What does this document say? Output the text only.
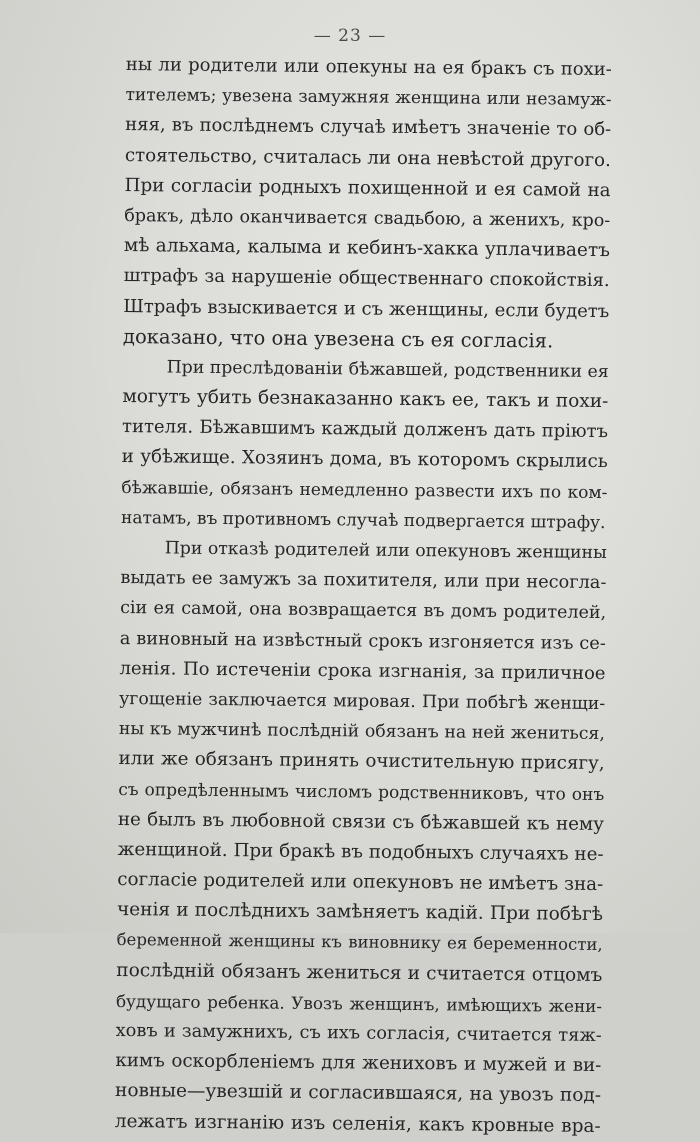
— 23 —
ны ли родители или опекуны на ея бракъ съ похи-
тителемъ; увезена замужняя женщина или незамуж-
няя, въ послѣднемъ случаѣ имѣетъ значеніе то об-
стоятельство, считалась ли она невѣстой другого.
При согласіи родныхъ похищенной и ея самой на
бракъ, дѣло оканчивается свадьбою, а женихъ, кро-
мѣ альхама, калыма и кебинъ-хакка уплачиваетъ
штрафъ за нарушеніе общественнаго спокойствія.
Штрафъ взыскивается и съ женщины, если будетъ
доказано, что она увезена съ ея согласія.
При преслѣдованіи бѣжавшей, родственники ея
могутъ убить безнаказанно какъ ее, такъ и похи-
тителя. Бѣжавшимъ каждый долженъ дать пріютъ
и убѣжище. Хозяинъ дома, въ которомъ скрылись
бѣжавшіе, обязанъ немедленно развести ихъ по ком-
натамъ, въ противномъ случаѣ подвергается штрафу.
При отказѣ родителей или опекуновъ женщины
выдать ее замужъ за похитителя, или при несогла-
сіи ея самой, она возвращается въ домъ родителей,
а виновный на извѣстный срокъ изгоняется изъ се-
ленія. По истеченіи срока изгнанія, за приличное
угощеніе заключается мировая. При побѣгѣ женщи-
ны къ мужчинѣ послѣдній обязанъ на ней жениться,
или же обязанъ принять очистительную присягу,
съ опредѣленнымъ числомъ родственниковъ, что онъ
не былъ въ любовной связи съ бѣжавшей къ нему
женщиной. При бракѣ въ подобныхъ случаяхъ не-
согласіе родителей или опекуновъ не имѣетъ зна-
ченія и послѣднихъ замѣняетъ кадій. При побѣгѣ
беременной женщины къ виновнику ея беременности,
послѣдній обязанъ жениться и считается отцомъ
будущаго ребенка. Увозъ женщинъ, имѣющихъ жени-
ховъ и замужнихъ, съ ихъ согласія, считается тяж-
кимъ оскорбленіемъ для жениховъ и мужей и ви-
новные—увезшій и согласившаяся, на увозъ под-
лежатъ изгнанію изъ селенія, какъ кровные вра-
